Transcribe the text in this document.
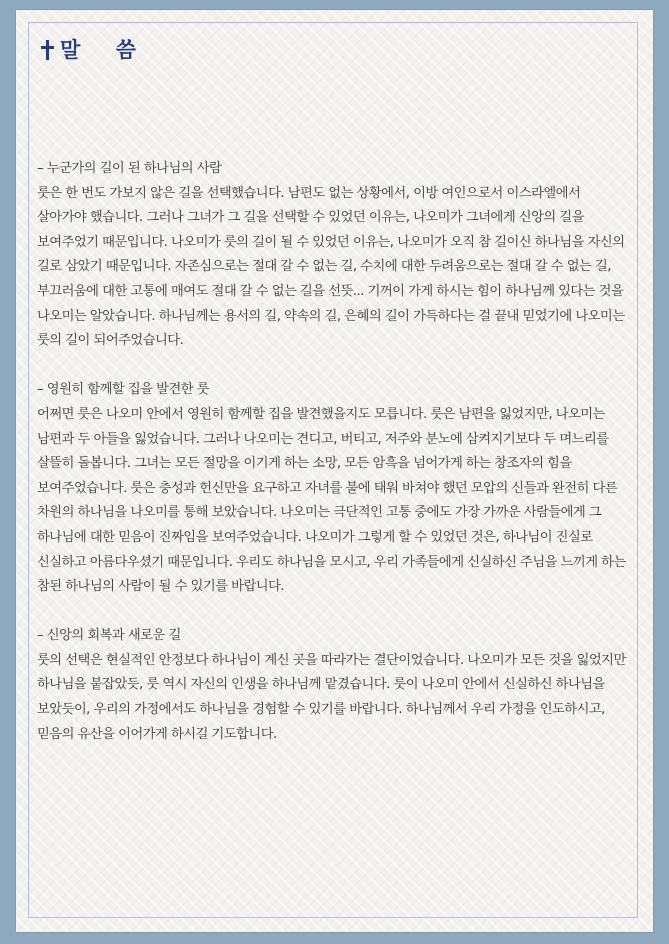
말 씀

– 누군가의 길이 된 하나님의 사람
룻은 한 번도 가보지 않은 길을 선택했습니다. 남편도 없는 상황에서, 이방 여인으로서 이스라엘에서 살아가야 했습니다. 그러나 그녀가 그 길을 선택할 수 있었던 이유는, 나오미가 그녀에게 신앙의 길을 보여주었기 때문입니다. 나오미가 룻의 길이 될 수 있었던 이유는, 나오미가 오직 참 길이신 하나님을 자신의 길로 삼았기 때문입니다. 자존심으로는 절대 갈 수 없는 길, 수치에 대한 두려움으로는 절대 갈 수 없는 길, 부끄러움에 대한 고통에 매여도 절대 갈 수 없는 길을 선뜻... 기꺼이 가게 하시는 힘이 하나님께 있다는 것을 나오미는 알았습니다. 하나님께는 용서의 길, 약속의 길, 은혜의 길이 가득하다는 걸 끝내 믿었기에 나오미는 룻의 길이 되어주었습니다.

– 영원히 함께할 집을 발견한 룻
어쩌면 룻은 나오미 안에서 영원히 함께할 집을 발견했을지도 모릅니다. 룻은 남편을 잃었지만, 나오미는 남편과 두 아들을 잃었습니다. 그러나 나오미는 견디고, 버티고, 저주와 분노에 삼켜지기보다 두 며느리를 살뜰히 돌봅니다. 그녀는 모든 절망을 이기게 하는 소망, 모든 암흑을 넘어가게 하는 창조자의 힘을 보여주었습니다. 룻은 충성과 헌신만을 요구하고 자녀를 불에 태워 바쳐야 했던 모압의 신들과 완전히 다른 차원의 하나님을 나오미를 통해 보았습니다. 나오미는 극단적인 고통 중에도 가장 가까운 사람들에게 그 하나님에 대한 믿음이 진짜임을 보여주었습니다. 나오미가 그렇게 할 수 있었던 것은, 하나님이 진실로 신실하고 아름다우셨기 때문입니다. 우리도 하나님을 모시고, 우리 가족들에게 신실하신 주님을 느끼게 하는 참된 하나님의 사람이 될 수 있기를 바랍니다.

– 신앙의 회복과 새로운 길
룻의 선택은 현실적인 안정보다 하나님이 계신 곳을 따라가는 결단이었습니다. 나오미가 모든 것을 잃었지만 하나님을 붙잡았듯, 룻 역시 자신의 인생을 하나님께 맡겼습니다. 룻이 나오미 안에서 신실하신 하나님을 보았듯이, 우리의 가정에서도 하나님을 경험할 수 있기를 바랍니다. 하나님께서 우리 가정을 인도하시고, 믿음의 유산을 이어가게 하시길 기도합니다.
